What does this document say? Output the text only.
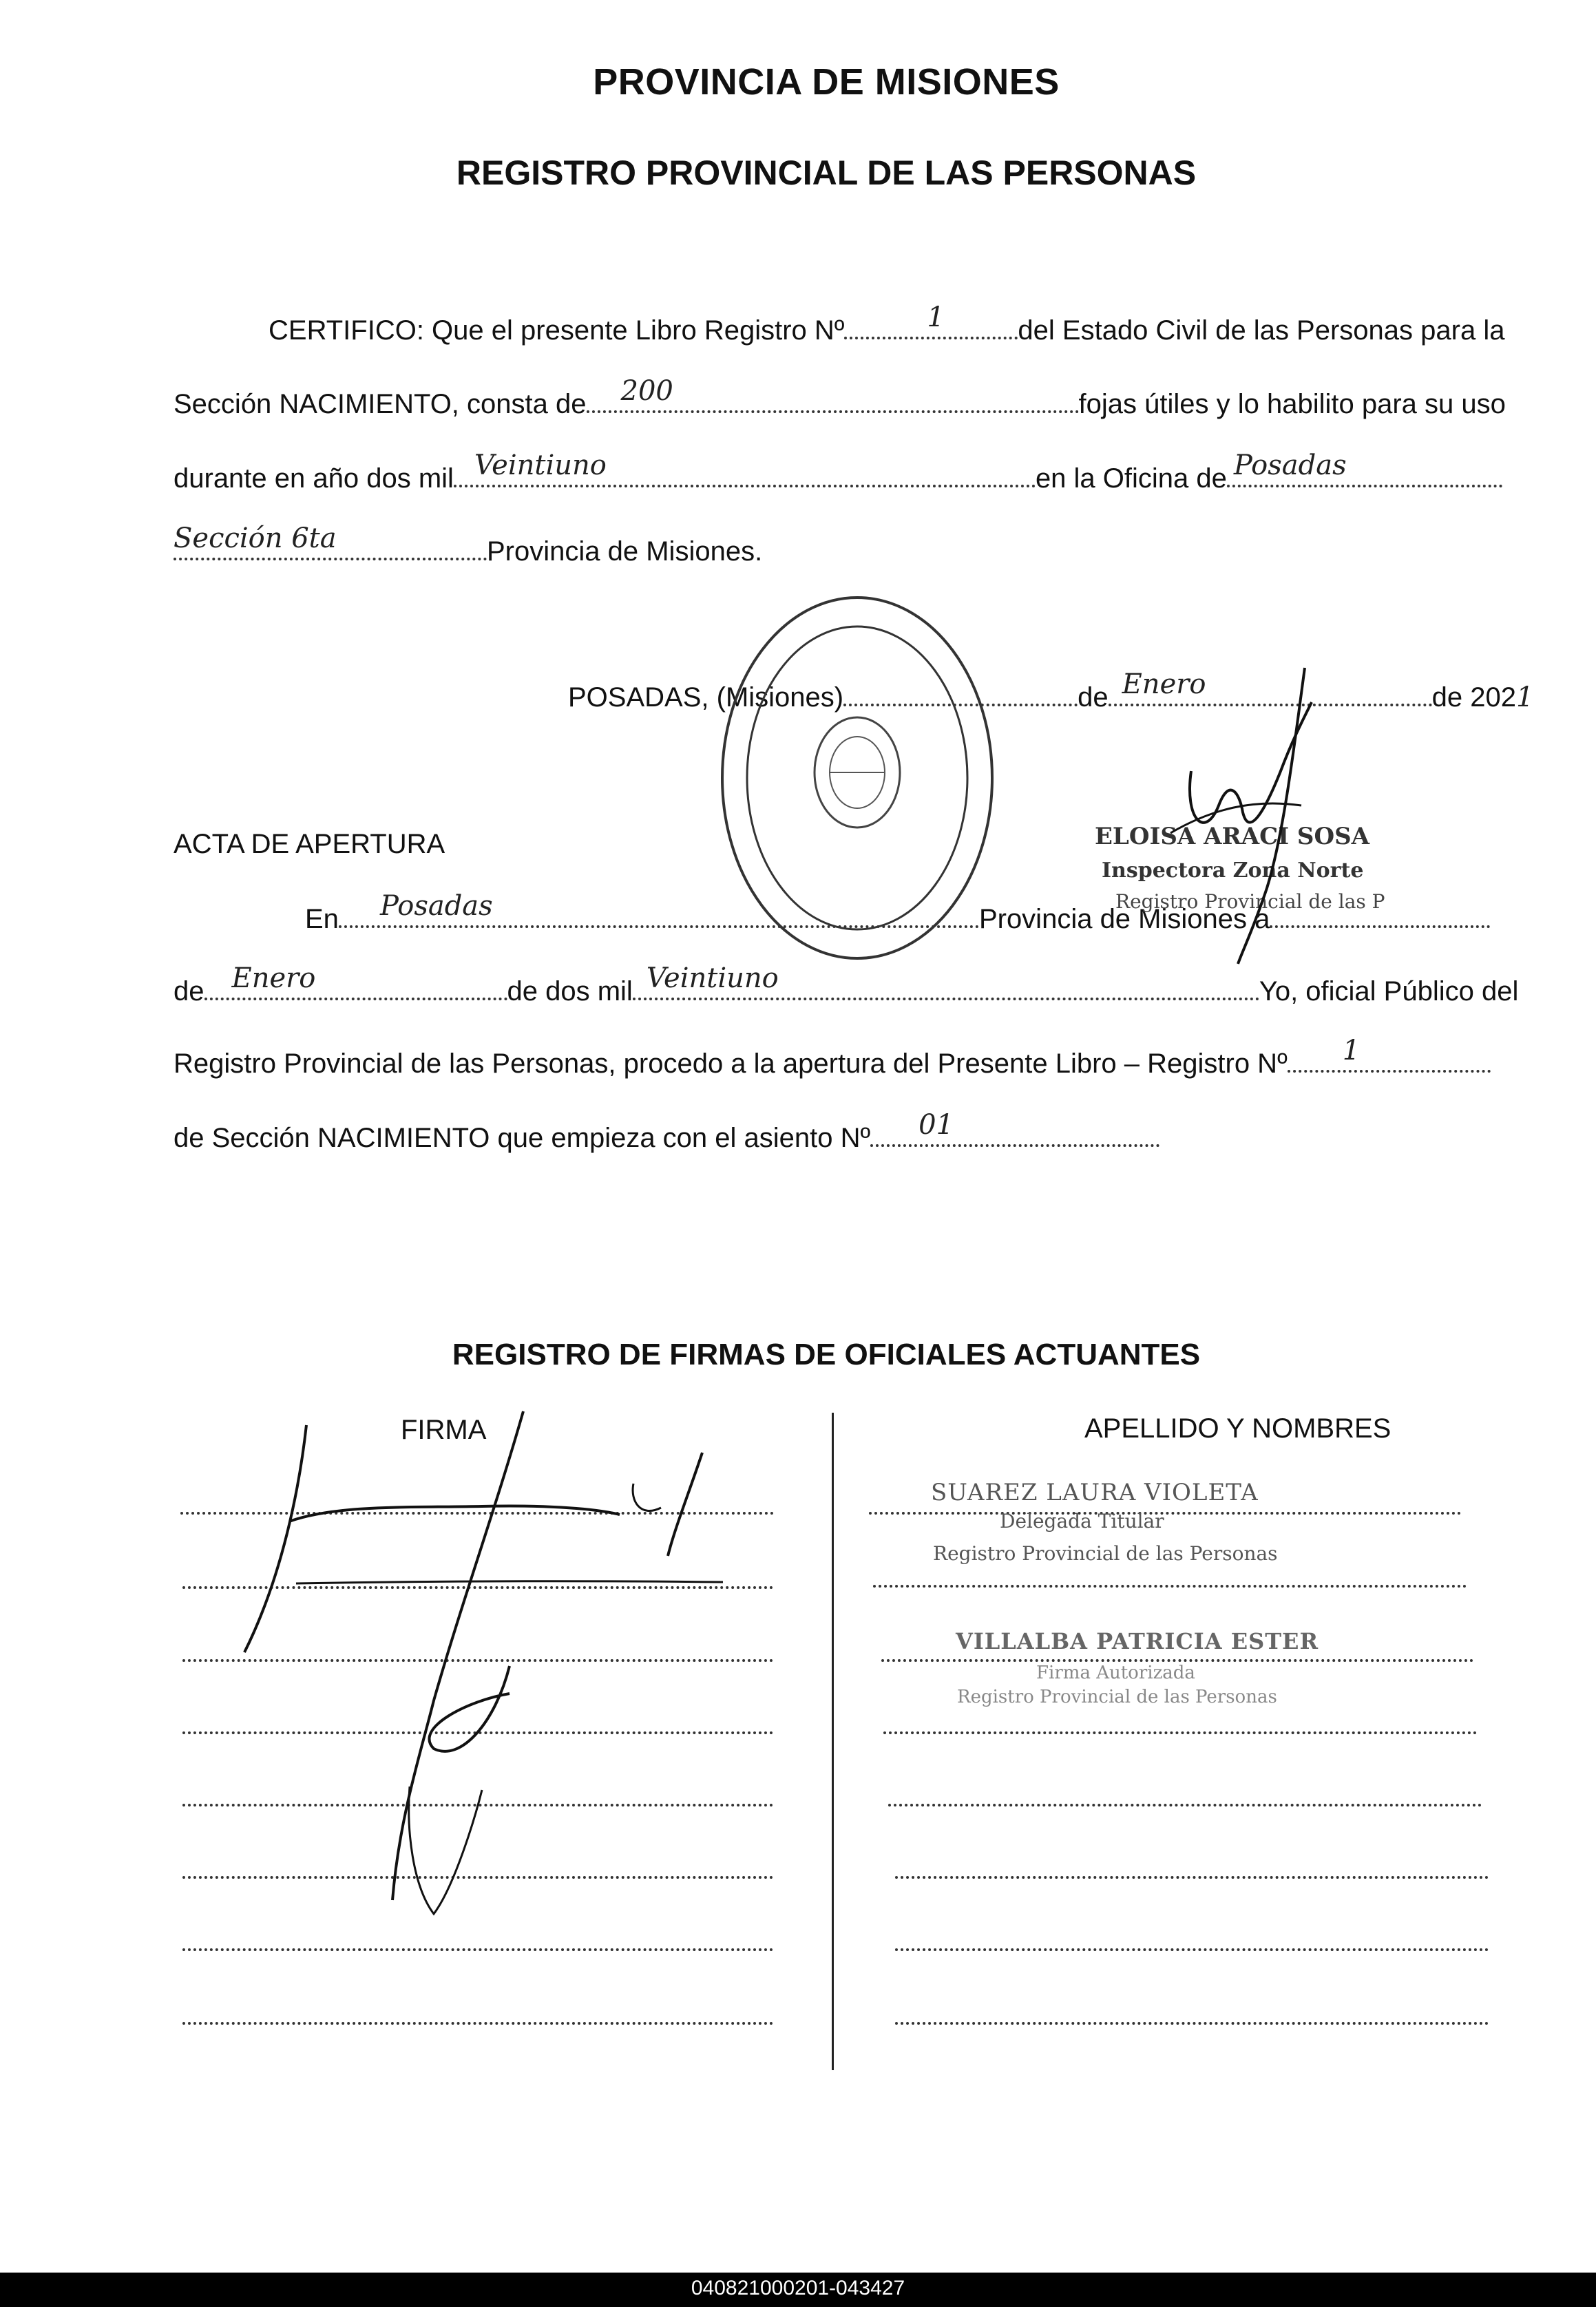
PROVINCIA DE MISIONES
REGISTRO PROVINCIAL DE LAS PERSONAS
CERTIFICO: Que el presente Libro Registro Nº	1	del Estado Civil de las Personas para la
Sección NACIMIENTO, consta de 200	fojas útiles y lo habilito para su uso
durante en año dos mil Veintiuno	en la Oficina de Posadas
Sección 6ta	Provincia de Misiones.
POSADAS, (Misiones)	de Enero	de 2021
ACTA DE APERTURA
En Posadas	Provincia de Misiones a
de Enero	de dos mil Veintiuno	Yo, oficial Público del
Registro Provincial de las Personas, procedo a la apertura del Presente Libro – Registro Nº 1
de Sección NACIMIENTO que empieza con el asiento Nº 01
ELOISA ARACI SOSA
Inspectora Zona Norte
Registro Provincial de las P
REGISTRO DE FIRMAS DE OFICIALES ACTUANTES
FIRMA	APELLIDO Y NOMBRES
SUAREZ LAURA VIOLETA
Delegada Titular
Registro Provincial de las Personas
VILLALBA PATRICIA ESTER
Firma Autorizada
Registro Provincial de las Personas
040821000201-043427
